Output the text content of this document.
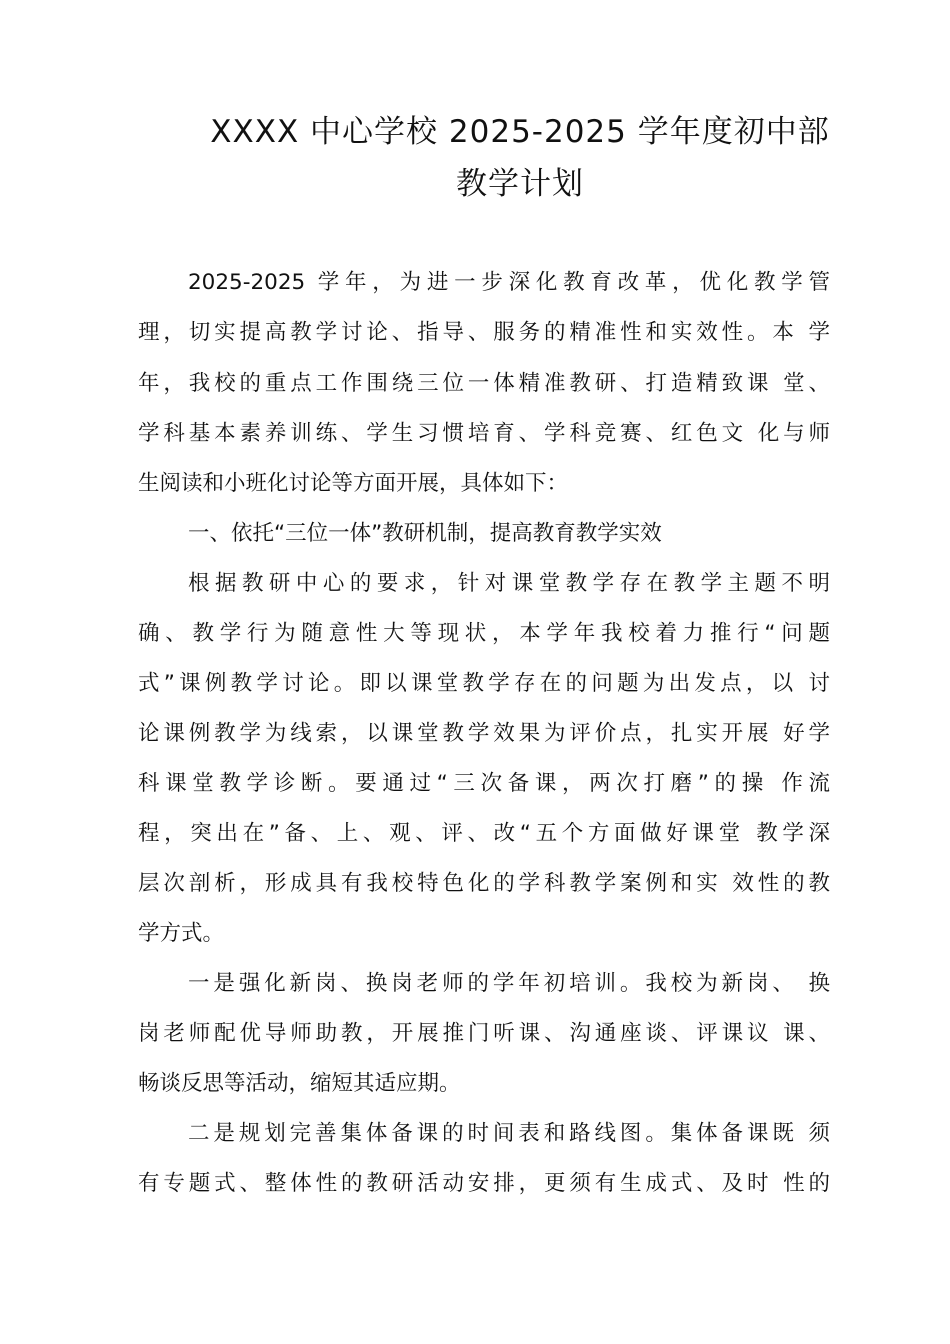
XXXX 中心学校 2025-2025 学年度初中部
教学计划
2025-2025 学年，为进一步深化教育改革，优化教学管
理，切实提高教学讨论、指导、服务的精准性和实效性。本 学
年，我校的重点工作围绕三位一体精准教研、打造精致课 堂、
学科基本素养训练、学生习惯培育、学科竞赛、红色文 化与师
生阅读和小班化讨论等方面开展，具体如下：
一、依托“三位一体”教研机制，提高教育教学实效
根据教研中心的要求，针对课堂教学存在教学主题不明
确、教学行为随意性大等现状，本学年我校着力推行“问题
式”课例教学讨论。即以课堂教学存在的问题为出发点，以 讨
论课例教学为线索，以课堂教学效果为评价点，扎实开展 好学
科课堂教学诊断。要通过“三次备课，两次打磨”的操 作流
程，突出在”备、上、观、评、改“五个方面做好课堂 教学深
层次剖析，形成具有我校特色化的学科教学案例和实 效性的教
学方式。
一是强化新岗、换岗老师的学年初培训。我校为新岗、 换
岗老师配优导师助教，开展推门听课、沟通座谈、评课议 课、
畅谈反思等活动，缩短其适应期。
二是规划完善集体备课的时间表和路线图。集体备课既 须
有专题式、整体性的教研活动安排，更须有生成式、及时 性的
